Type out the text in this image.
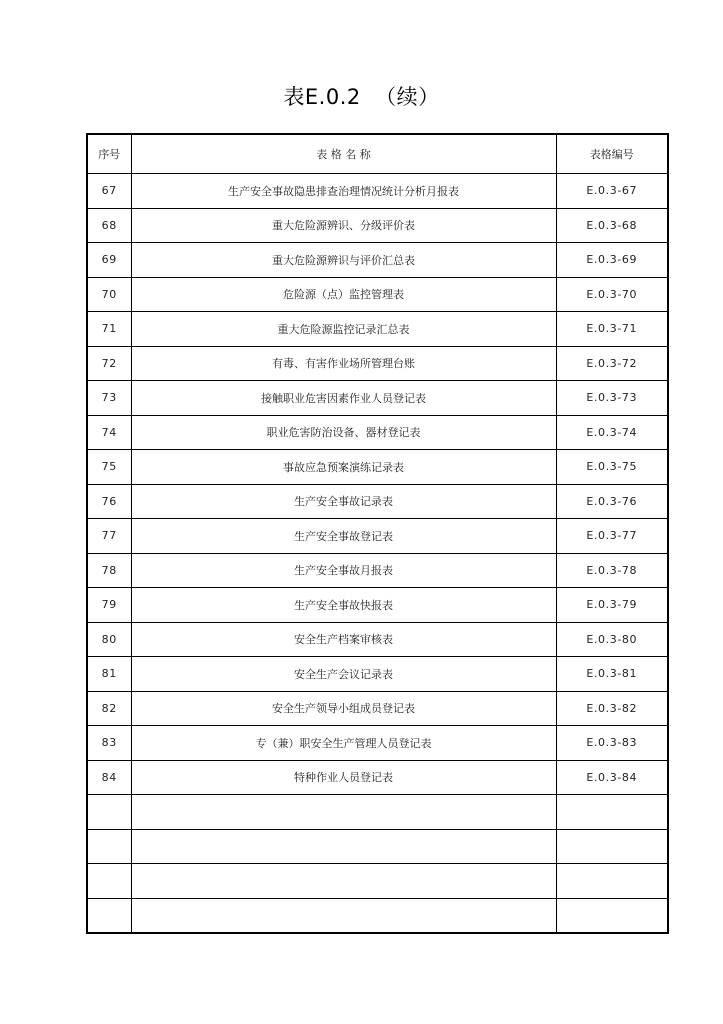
表E.0.2  （续）
序号	表 格 名 称	表格编号
67	生产安全事故隐患排查治理情况统计分析月报表	E.0.3-67
68	重大危险源辨识、分级评价表	E.0.3-68
69	重大危险源辨识与评价汇总表	E.0.3-69
70	危险源（点）监控管理表	E.0.3-70
71	重大危险源监控记录汇总表	E.0.3-71
72	有毒、有害作业场所管理台账	E.0.3-72
73	接触职业危害因素作业人员登记表	E.0.3-73
74	职业危害防治设备、器材登记表	E.0.3-74
75	事故应急预案演练记录表	E.0.3-75
76	生产安全事故记录表	E.0.3-76
77	生产安全事故登记表	E.0.3-77
78	生产安全事故月报表	E.0.3-78
79	生产安全事故快报表	E.0.3-79
80	安全生产档案审核表	E.0.3-80
81	安全生产会议记录表	E.0.3-81
82	安全生产领导小组成员登记表	E.0.3-82
83	专（兼）职安全生产管理人员登记表	E.0.3-83
84	特种作业人员登记表	E.0.3-84
